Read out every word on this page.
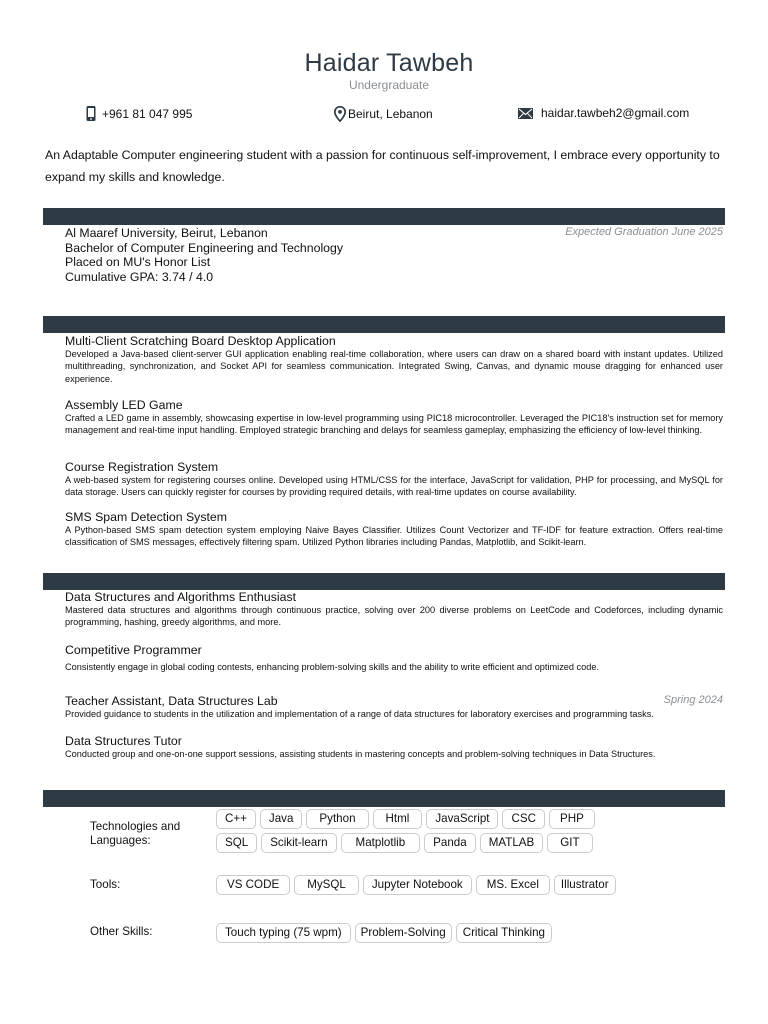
Haidar Tawbeh
Undergraduate
+961 81 047 995	Beirut, Lebanon	haidar.tawbeh2@gmail.com
An Adaptable Computer engineering student with a passion for continuous self-improvement, I embrace every opportunity to expand my skills and knowledge.
Expected Graduation June 2025
Al Maaref University, Beirut, Lebanon
Bachelor of Computer Engineering and Technology
Placed on MU's Honor List
Cumulative GPA: 3.74 / 4.0
Multi-Client Scratching Board Desktop Application
Developed a Java-based client-server GUI application enabling real-time collaboration, where users can draw on a shared board with instant updates. Utilized multithreading, synchronization, and Socket API for seamless communication. Integrated Swing, Canvas, and dynamic mouse dragging for enhanced user experience.
Assembly LED Game
Crafted a LED game in assembly, showcasing expertise in low-level programming using PIC18 microcontroller. Leveraged the PIC18's instruction set for memory management and real-time input handling. Employed strategic branching and delays for seamless gameplay, emphasizing the efficiency of low-level thinking.
Course Registration System
A web-based system for registering courses online. Developed using HTML/CSS for the interface, JavaScript for validation, PHP for processing, and MySQL for data storage. Users can quickly register for courses by providing required details, with real-time updates on course availability.
SMS Spam Detection System
A Python-based SMS spam detection system employing Naive Bayes Classifier. Utilizes Count Vectorizer and TF-IDF for feature extraction. Offers real-time classification of SMS messages, effectively filtering spam. Utilized Python libraries including Pandas, Matplotlib, and Scikit-learn.
Data Structures and Algorithms Enthusiast
Mastered data structures and algorithms through continuous practice, solving over 200 diverse problems on LeetCode and Codeforces, including dynamic programming, hashing, greedy algorithms, and more.
Competitive Programmer
Consistently engage in global coding contests, enhancing problem-solving skills and the ability to write efficient and optimized code.
Spring 2024
Teacher Assistant, Data Structures Lab
Provided guidance to students in the utilization and implementation of a range of data structures for laboratory exercises and programming tasks.
Data Structures Tutor
Conducted group and one-on-one support sessions, assisting students in mastering concepts and problem-solving techniques in Data Structures.
Technologies and Languages:
C++	Java	Python	Html	JavaScript	CSC	PHP
SQL	Scikit-learn	Matplotlib	Panda	MATLAB	GIT
Tools:	VS CODE	MySQL	Jupyter Notebook	MS. Excel	Illustrator
Other Skills:	Touch typing (75 wpm)	Problem-Solving	Critical Thinking
